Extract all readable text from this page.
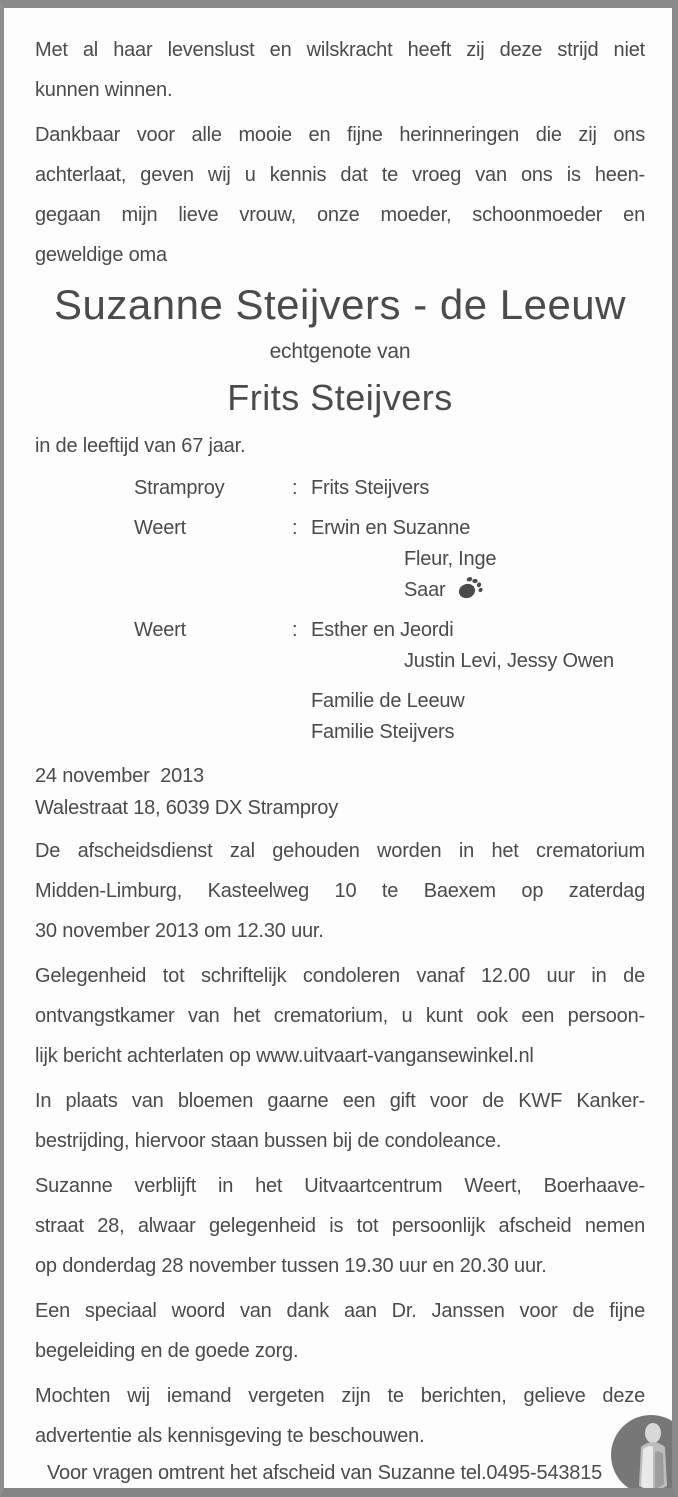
Met al haar levenslust en wilskracht heeft zij deze strijd niet
kunnen winnen.
Dankbaar voor alle mooie en fijne herinneringen die zij ons
achterlaat, geven wij u kennis dat te vroeg van ons is heen-
gegaan mijn lieve vrouw, onze moeder, schoonmoeder en
geweldige oma
Suzanne Steijvers - de Leeuw
echtgenote van
Frits Steijvers
in de leeftijd van 67 jaar.
Stramproy	: Frits Steijvers
Weert	: Erwin en Suzanne
Fleur, Inge
Saar
Weert	: Esther en Jeordi
Justin Levi, Jessy Owen
Familie de Leeuw
Familie Steijvers
24 november  2013
Walestraat 18, 6039 DX Stramproy
De afscheidsdienst zal gehouden worden in het crematorium
Midden-Limburg, Kasteelweg 10 te Baexem op zaterdag
30 november 2013 om 12.30 uur.
Gelegenheid tot schriftelijk condoleren vanaf 12.00 uur in de
ontvangstkamer van het crematorium, u kunt ook een persoon-
lijk bericht achterlaten op www.uitvaart-vangansewinkel.nl
In plaats van bloemen gaarne een gift voor de KWF Kanker-
bestrijding, hiervoor staan bussen bij de condoleance.
Suzanne verblijft in het Uitvaartcentrum Weert, Boerhaave-
straat 28, alwaar gelegenheid is tot persoonlijk afscheid nemen
op donderdag 28 november tussen 19.30 uur en 20.30 uur.
Een speciaal woord van dank aan Dr. Janssen voor de fijne
begeleiding en de goede zorg.
Mochten wij iemand vergeten zijn te berichten, gelieve deze
advertentie als kennisgeving te beschouwen.
Voor vragen omtrent het afscheid van Suzanne tel.0495-543815
